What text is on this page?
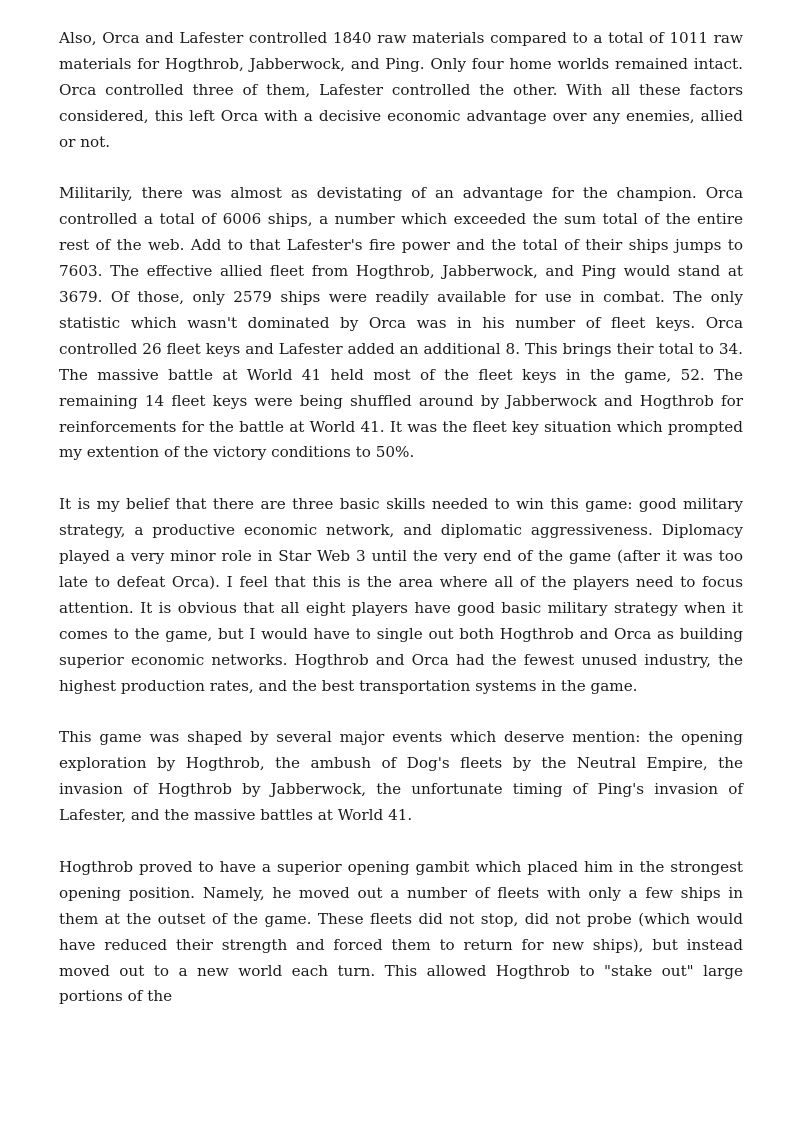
Also, Orca and Lafester controlled 1840 raw materials compared to a total of 1011 raw materials for Hogthrob, Jabberwock, and Ping. Only four home worlds remained intact. Orca controlled three of them, Lafester controlled the other. With all these factors considered, this left Orca with a decisive economic advantage over any enemies, allied or not.

Militarily, there was almost as devistating of an advantage for the champion. Orca controlled a total of 6006 ships, a number which exceeded the sum total of the entire rest of the web. Add to that Lafester's fire power and the total of their ships jumps to 7603. The effective allied fleet from Hogthrob, Jabberwock, and Ping would stand at 3679. Of those, only 2579 ships were readily available for use in combat. The only statistic which wasn't dominated by Orca was in his number of fleet keys. Orca controlled 26 fleet keys and Lafester added an additional 8. This brings their total to 34. The massive battle at World 41 held most of the fleet keys in the game, 52. The remaining 14 fleet keys were being shuffled around by Jabberwock and Hogthrob for reinforcements for the battle at World 41. It was the fleet key situation which prompted my extention of the victory conditions to 50%.

It is my belief that there are three basic skills needed to win this game: good military strategy, a productive economic network, and diplomatic aggressiveness. Diplomacy played a very minor role in Star Web 3 until the very end of the game (after it was too late to defeat Orca). I feel that this is the area where all of the players need to focus attention. It is obvious that all eight players have good basic military strategy when it comes to the game, but I would have to single out both Hogthrob and Orca as building superior economic networks. Hogthrob and Orca had the fewest unused industry, the highest production rates, and the best transportation systems in the game.

This game was shaped by several major events which deserve mention: the opening exploration by Hogthrob, the ambush of Dog's fleets by the Neutral Empire, the invasion of Hogthrob by Jabberwock, the unfortunate timing of Ping's invasion of Lafester, and the massive battles at World 41.

Hogthrob proved to have a superior opening gambit which placed him in the strongest opening position. Namely, he moved out a number of fleets with only a few ships in them at the outset of the game. These fleets did not stop, did not probe (which would have reduced their strength and forced them to return for new ships), but instead moved out to a new world each turn. This allowed Hogthrob to "stake out" large portions of the
